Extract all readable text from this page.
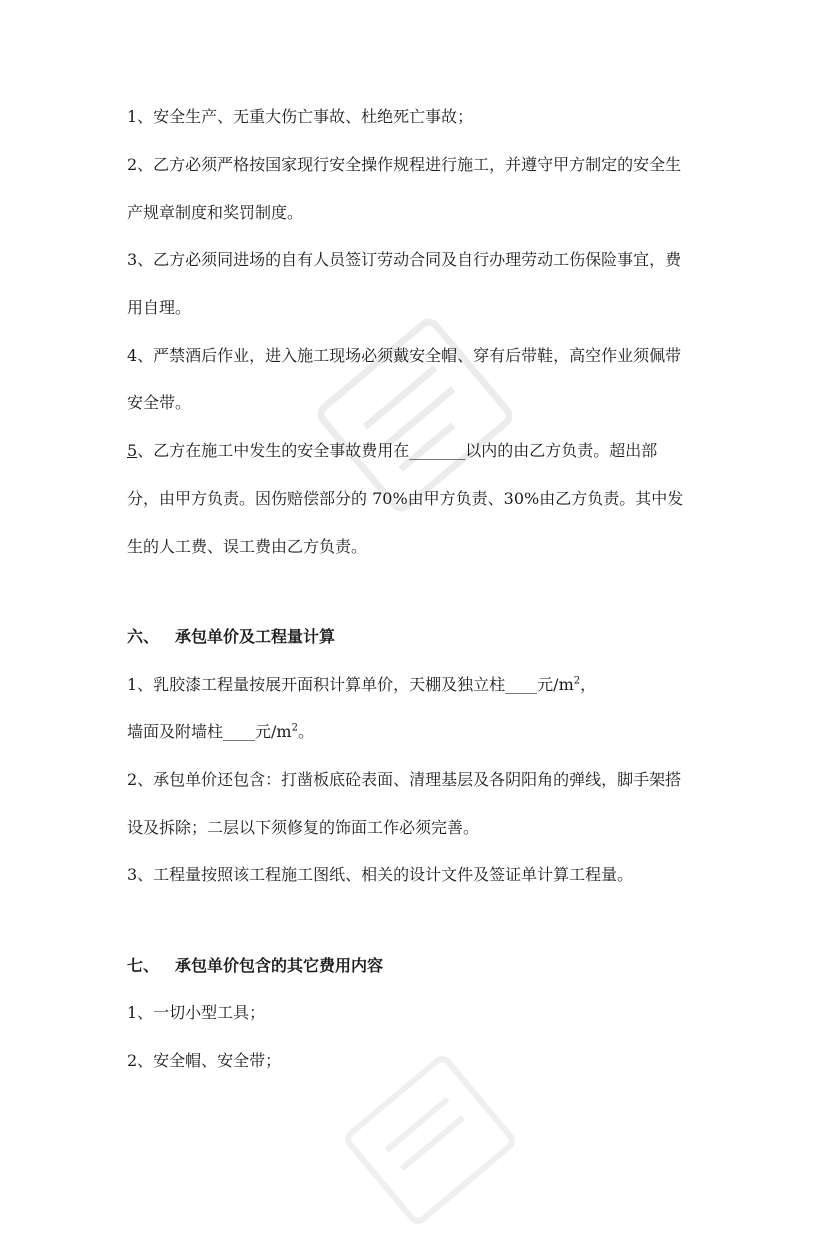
1、安全生产、无重大伤亡事故、杜绝死亡事故；
2、乙方必须严格按国家现行安全操作规程进行施工，并遵守甲方制定的安全生
产规章制度和奖罚制度。
3、乙方必须同进场的自有人员签订劳动合同及自行办理劳动工伤保险事宜，费
用自理。
4、严禁酒后作业，进入施工现场必须戴安全帽、穿有后带鞋，高空作业须佩带
安全带。
5、乙方在施工中发生的安全事故费用在_______以内的由乙方负责。超出部
分，由甲方负责。因伤赔偿部分的 70%由甲方负责、30%由乙方负责。其中发
生的人工费、误工费由乙方负责。
六、 承包单价及工程量计算
1、乳胶漆工程量按展开面积计算单价，天棚及独立柱____元$/m^2$，
墙面及附墙柱____元$/m^2$。
2、承包单价还包含：打凿板底砼表面、清理基层及各阴阳角的弹线，脚手架搭
设及拆除；二层以下须修复的饰面工作必须完善。
3、工程量按照该工程施工图纸、相关的设计文件及签证单计算工程量。
七、 承包单价包含的其它费用内容
1、一切小型工具；
2、安全帽、安全带；
